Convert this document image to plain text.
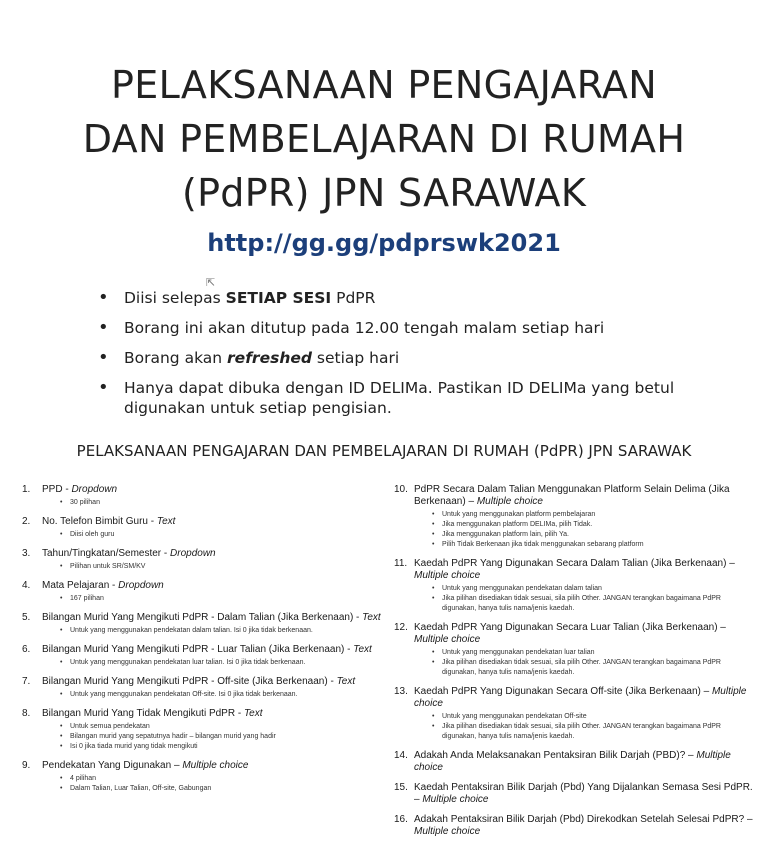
PELAKSANAAN PENGAJARAN
DAN PEMBELAJARAN DI RUMAH
(PdPR) JPN SARAWAK
http://gg.gg/pdprswk2021
⇱
• Diisi selepas SETIAP SESI PdPR
• Borang ini akan ditutup pada 12.00 tengah malam setiap hari
• Borang akan refreshed setiap hari
• Hanya dapat dibuka dengan ID DELIMa. Pastikan ID DELIMa yang betul digunakan untuk setiap pengisian.
PELAKSANAAN PENGAJARAN DAN PEMBELAJARAN DI RUMAH (PdPR) JPN SARAWAK
1. PPD - Dropdown
• 30 pilihan
2. No. Telefon Bimbit Guru - Text
• Diisi oleh guru
3. Tahun/Tingkatan/Semester - Dropdown
• Pilihan untuk SR/SM/KV
4. Mata Pelajaran - Dropdown
• 167 pilihan
5. Bilangan Murid Yang Mengikuti PdPR - Dalam Talian (Jika Berkenaan) - Text
• Untuk yang menggunakan pendekatan dalam talian. Isi 0 jika tidak berkenaan.
6. Bilangan Murid Yang Mengikuti PdPR - Luar Talian (Jika Berkenaan) - Text
• Untuk yang menggunakan pendekatan luar talian. Isi 0 jika tidak berkenaan.
7. Bilangan Murid Yang Mengikuti PdPR - Off-site (Jika Berkenaan) - Text
• Untuk yang menggunakan pendekatan Off-site. Isi 0 jika tidak berkenaan.
8. Bilangan Murid Yang Tidak Mengikuti PdPR - Text
• Untuk semua pendekatan
• Bilangan murid yang sepatutnya hadir – bilangan murid yang hadir
• Isi 0 jika tiada murid yang tidak mengikuti
9. Pendekatan Yang Digunakan – Multiple choice
• 4 pilihan
• Dalam Talian, Luar Talian, Off-site, Gabungan
10. PdPR Secara Dalam Talian Menggunakan Platform Selain Delima (Jika Berkenaan) – Multiple choice
• Untuk yang menggunakan platform pembelajaran
• Jika menggunakan platform DELIMa, pilih Tidak.
• Jika menggunakan platform lain, pilih Ya.
• Pilih Tidak Berkenaan jika tidak menggunakan sebarang platform
11. Kaedah PdPR Yang Digunakan Secara Dalam Talian (Jika Berkenaan) – Multiple choice
• Untuk yang menggunakan pendekatan dalam talian
• Jika pilihan disediakan tidak sesuai, sila pilih Other. JANGAN terangkan bagaimana PdPR digunakan, hanya tulis nama/jenis kaedah.
12. Kaedah PdPR Yang Digunakan Secara Luar Talian (Jika Berkenaan) – Multiple choice
• Untuk yang menggunakan pendekatan luar talian
• Jika pilihan disediakan tidak sesuai, sila pilih Other. JANGAN terangkan bagaimana PdPR digunakan, hanya tulis nama/jenis kaedah.
13. Kaedah PdPR Yang Digunakan Secara Off-site (Jika Berkenaan) – Multiple choice
• Untuk yang menggunakan pendekatan Off-site
• Jika pilihan disediakan tidak sesuai, sila pilih Other. JANGAN terangkan bagaimana PdPR digunakan, hanya tulis nama/jenis kaedah.
14. Adakah Anda Melaksanakan Pentaksiran Bilik Darjah (PBD)? – Multiple choice
15. Kaedah Pentaksiran Bilik Darjah (Pbd) Yang Dijalankan Semasa Sesi PdPR. – Multiple choice
16. Adakah Pentaksiran Bilik Darjah (Pbd) Direkodkan Setelah Selesai PdPR? – Multiple choice
